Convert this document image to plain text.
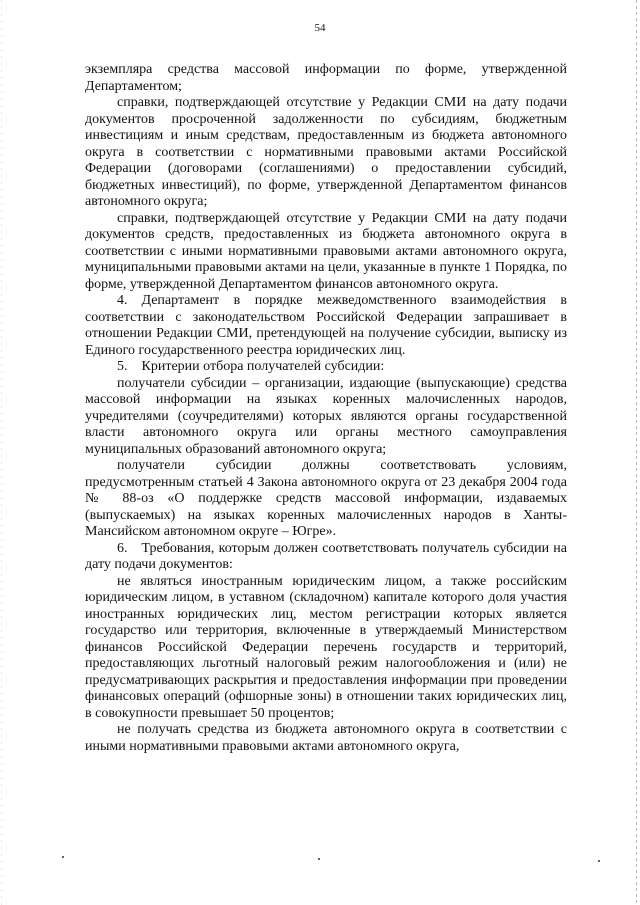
54

экземпляра средства массовой информации по форме, утвержденной Департаментом;

справки, подтверждающей отсутствие у Редакции СМИ на дату подачи документов просроченной задолженности по субсидиям, бюджетным инвестициям и иным средствам, предоставленным из бюджета автономного округа в соответствии с нормативными правовыми актами Российской Федерации (договорами (соглашениями) о предоставлении субсидий, бюджетных инвестиций), по форме, утвержденной Департаментом финансов автономного округа;

справки, подтверждающей отсутствие у Редакции СМИ на дату подачи документов средств, предоставленных из бюджета автономного округа в соответствии с иными нормативными правовыми актами автономного округа, муниципальными правовыми актами на цели, указанные в пункте 1 Порядка, по форме, утвержденной Департаментом финансов автономного округа.

4.  Департамент в порядке межведомственного взаимодействия в соответствии с законодательством Российской Федерации запрашивает в отношении Редакции СМИ, претендующей на получение субсидии, выписку из Единого государственного реестра юридических лиц.

5.  Критерии отбора получателей субсидии:

получатели субсидии – организации, издающие (выпускающие) средства массовой информации на языках коренных малочисленных народов, учредителями (соучредителями) которых являются органы государственной власти автономного округа или органы местного самоуправления муниципальных образований автономного округа;

получатели субсидии должны соответствовать условиям, предусмотренным статьей 4 Закона автономного округа от 23 декабря 2004 года № 88-оз «О поддержке средств массовой информации, издаваемых (выпускаемых) на языках коренных малочисленных народов в Ханты-Мансийском автономном округе – Югре».

6.  Требования, которым должен соответствовать получатель субсидии на дату подачи документов:

не являться иностранным юридическим лицом, а также российским юридическим лицом, в уставном (складочном) капитале которого доля участия иностранных юридических лиц, местом регистрации которых является государство или территория, включенные в утверждаемый Министерством финансов Российской Федерации перечень государств и территорий, предоставляющих льготный налоговый режим налогообложения и (или) не предусматривающих раскрытия и предоставления информации при проведении финансовых операций (офшорные зоны) в отношении таких юридических лиц, в совокупности превышает 50 процентов;

не получать средства из бюджета автономного округа в соответствии с иными нормативными правовыми актами автономного округа,
